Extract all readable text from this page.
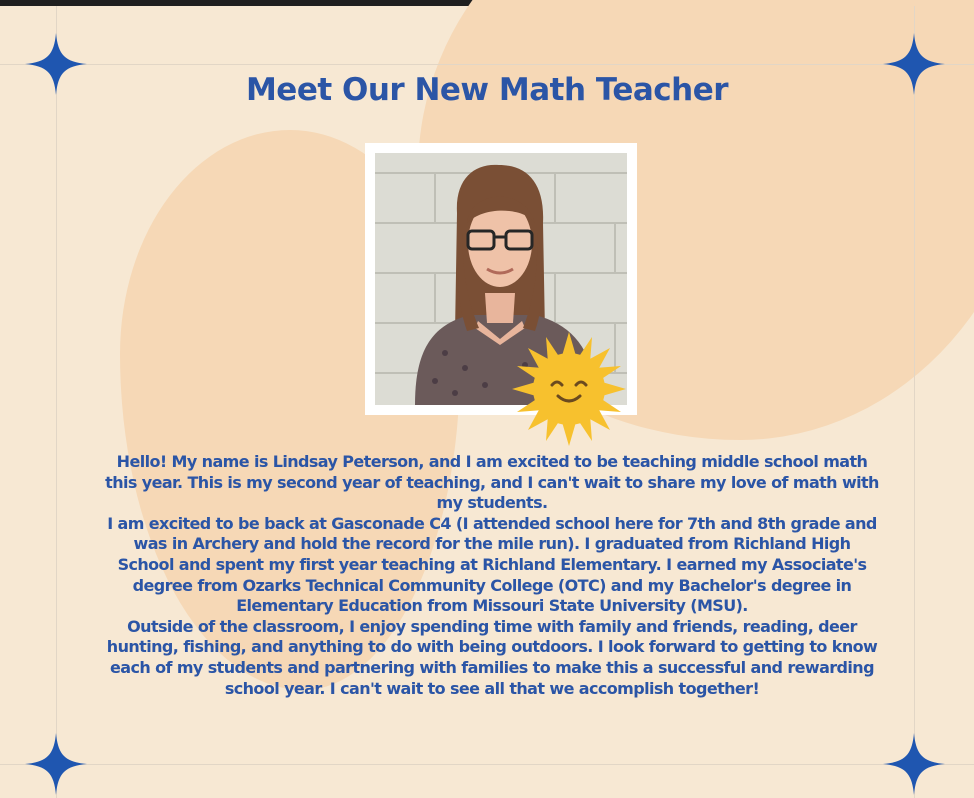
Meet Our New Math Teacher

Hello! My name is Lindsay Peterson, and I am excited to be teaching middle school math this year. This is my second year of teaching, and I can't wait to share my love of math with my students.

I am excited to be back at Gasconade C4 (I attended school here for 7th and 8th grade and was in Archery and hold the record for the mile run). I graduated from Richland High School and spent my first year teaching at Richland Elementary. I earned my Associate's degree from Ozarks Technical Community College (OTC) and my Bachelor's degree in Elementary Education from Missouri State University (MSU).

Outside of the classroom, I enjoy spending time with family and friends, reading, deer hunting, fishing, and anything to do with being outdoors. I look forward to getting to know each of my students and partnering with families to make this a successful and rewarding school year. I can't wait to see all that we accomplish together!
